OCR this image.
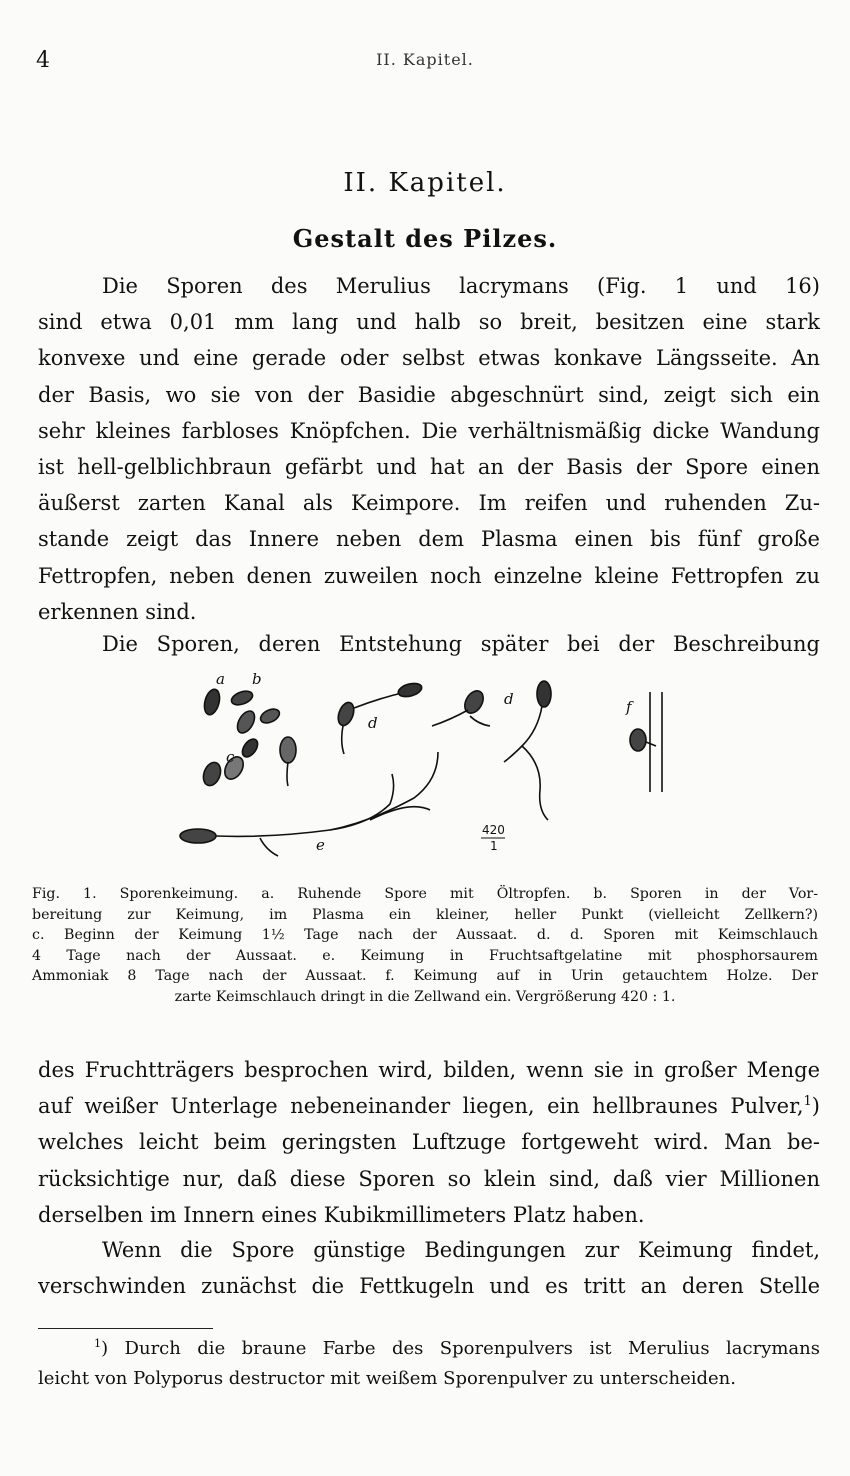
4	II. Kapitel.
II. Kapitel.
Gestalt des Pilzes.

Die Sporen des Merulius lacrymans (Fig. 1 und 16)
sind etwa 0,01 mm lang und halb so breit, besitzen eine stark
konvexe und eine gerade oder selbst etwas konkave Längsseite. An
der Basis, wo sie von der Basidie abgeschnürt sind, zeigt sich ein
sehr kleines farbloses Knöpfchen. Die verhältnismäßig dicke Wandung
ist hell-gelblichbraun gefärbt und hat an der Basis der Spore einen
äußerst zarten Kanal als Keimpore. Im reifen und ruhenden Zu-
stande zeigt das Innere neben dem Plasma einen bis fünf große
Fettropfen, neben denen zuweilen noch einzelne kleine Fettropfen zu
erkennen sind.

Die Sporen, deren Entstehung später bei der Beschreibung

a b
c
d
d
e
f
420
1

Fig. 1. Sporenkeimung. a. Ruhende Spore mit Öltropfen. b. Sporen in der Vor-
bereitung zur Keimung, im Plasma ein kleiner, heller Punkt (vielleicht Zellkern?)
c. Beginn der Keimung 1½ Tage nach der Aussaat. d. d. Sporen mit Keimschlauch
4 Tage nach der Aussaat. e. Keimung in Fruchtsaftgelatine mit phosphorsaurem
Ammoniak 8 Tage nach der Aussaat. f. Keimung auf in Urin getauchtem Holze. Der
zarte Keimschlauch dringt in die Zellwand ein. Vergrößerung 420 : 1.

des Fruchtträgers besprochen wird, bilden, wenn sie in großer Menge
auf weißer Unterlage nebeneinander liegen, ein hellbraunes Pulver,$^1$)
welches leicht beim geringsten Luftzuge fortgeweht wird. Man be-
rücksichtige nur, daß diese Sporen so klein sind, daß vier Millionen
derselben im Innern eines Kubikmillimeters Platz haben.

Wenn die Spore günstige Bedingungen zur Keimung findet,
verschwinden zunächst die Fettkugeln und es tritt an deren Stelle

$^1$) Durch die braune Farbe des Sporenpulvers ist Merulius lacrymans
leicht von Polyporus destructor mit weißem Sporenpulver zu unterscheiden.
